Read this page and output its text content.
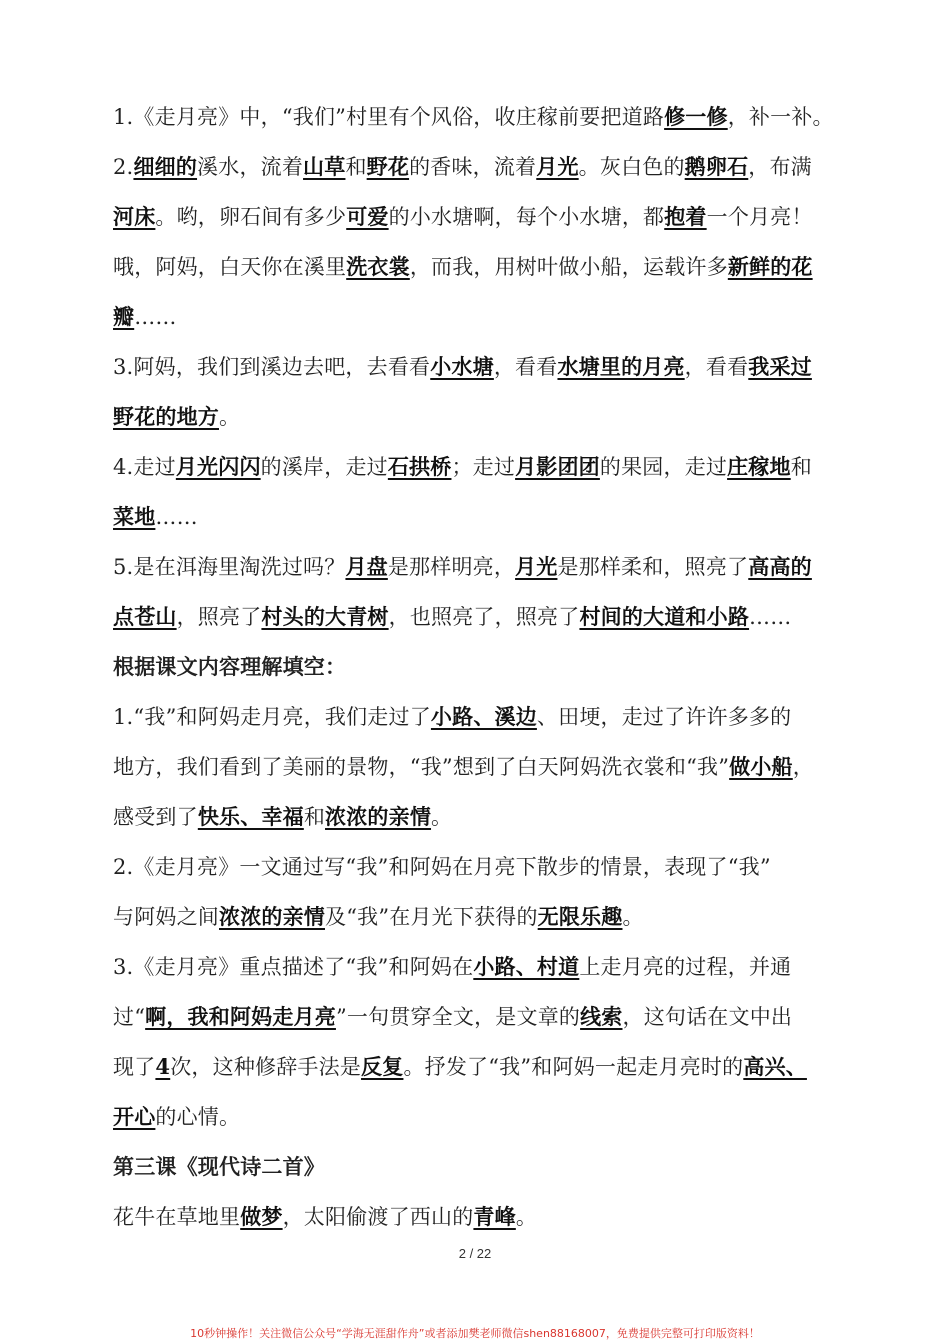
1.《走月亮》中，“我们”村里有个风俗，收庄稼前要把道路修一修，补一补。

2.细细的溪水，流着山草和野花的香味，流着月光。灰白色的鹅卵石，布满

河床。哟，卵石间有多少可爱的小水塘啊，每个小水塘，都抱着一个月亮！

哦，阿妈，白天你在溪里洗衣裳，而我，用树叶做小船，运载许多新鲜的花

瓣……

3.阿妈，我们到溪边去吧，去看看小水塘，看看水塘里的月亮，看看我采过

野花的地方。

4.走过月光闪闪的溪岸，走过石拱桥；走过月影团团的果园，走过庄稼地和

菜地……

5.是在洱海里淘洗过吗？月盘是那样明亮，月光是那样柔和，照亮了高高的

点苍山，照亮了村头的大青树，也照亮了，照亮了村间的大道和小路……

根据课文内容理解填空：

1.“我”和阿妈走月亮，我们走过了小路、溪边、田埂，走过了许许多多的

地方，我们看到了美丽的景物，“我”想到了白天阿妈洗衣裳和“我”做小船，

感受到了快乐、幸福和浓浓的亲情。

2.《走月亮》一文通过写“我”和阿妈在月亮下散步的情景，表现了“我”

与阿妈之间浓浓的亲情及“我”在月光下获得的无限乐趣。

3.《走月亮》重点描述了“我”和阿妈在小路、村道上走月亮的过程，并通

过“啊，我和阿妈走月亮”一句贯穿全文，是文章的线索，这句话在文中出

现了4次，这种修辞手法是反复。抒发了“我”和阿妈一起走月亮时的高兴、

开心的心情。

第三课《现代诗二首》

花牛在草地里做梦，太阳偷渡了西山的青峰。

2 / 22
10秒钟操作！关注微信公众号“学海无涯甜作舟”或者添加樊老师微信shen88168007，免费提供完整可打印版资料！
